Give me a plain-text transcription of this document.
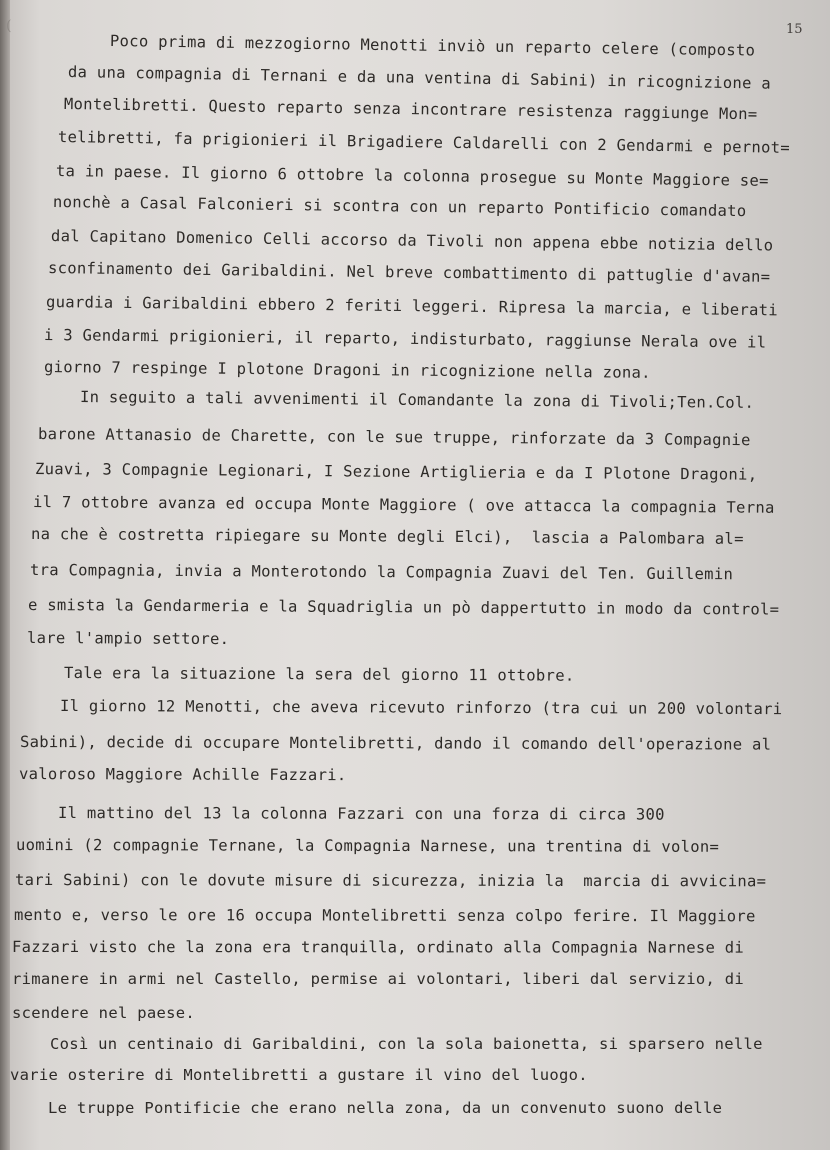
(	15
Poco prima di mezzogiorno Menotti inviò un reparto celere (composto
da una compagnia di Ternani e da una ventina di Sabini) in ricognizione a
Montelibretti. Questo reparto senza incontrare resistenza raggiunge Mon=
telibretti, fa prigionieri il Brigadiere Caldarelli con 2 Gendarmi e pernot=
ta in paese. Il giorno 6 ottobre la colonna prosegue su Monte Maggiore se=
nonchè a Casal Falconieri si scontra con un reparto Pontificio comandato
dal Capitano Domenico Celli accorso da Tivoli non appena ebbe notizia dello
sconfinamento dei Garibaldini. Nel breve combattimento di pattuglie d'avan=
guardia i Garibaldini ebbero 2 feriti leggeri. Ripresa la marcia, e liberati
i 3 Gendarmi prigionieri, il reparto, indisturbato, raggiunse Nerala ove il
giorno 7 respinge I plotone Dragoni in ricognizione nella zona.
In seguito a tali avvenimenti il Comandante la zona di Tivoli;Ten.Col.
barone Attanasio de Charette, con le sue truppe, rinforzate da 3 Compagnie
Zuavi, 3 Compagnie Legionari, I Sezione Artiglieria e da I Plotone Dragoni,
il 7 ottobre avanza ed occupa Monte Maggiore ( ove attacca la compagnia Terna
na che è costretta ripiegare su Monte degli Elci),  lascia a Palombara al=
tra Compagnia, invia a Monterotondo la Compagnia Zuavi del Ten. Guillemin
e smista la Gendarmeria e la Squadriglia un pò dappertutto in modo da control=
lare l'ampio settore.
Tale era la situazione la sera del giorno 11 ottobre.
Il giorno 12 Menotti, che aveva ricevuto rinforzo (tra cui un 200 volontari
Sabini), decide di occupare Montelibretti, dando il comando dell'operazione al
valoroso Maggiore Achille Fazzari.
Il mattino del 13 la colonna Fazzari con una forza di circa 300
uomini (2 compagnie Ternane, la Compagnia Narnese, una trentina di volon=
tari Sabini) con le dovute misure di sicurezza, inizia la  marcia di avvicina=
mento e, verso le ore 16 occupa Montelibretti senza colpo ferire. Il Maggiore
Fazzari visto che la zona era tranquilla, ordinato alla Compagnia Narnese di
rimanere in armi nel Castello, permise ai volontari, liberi dal servizio, di
scendere nel paese.
Così un centinaio di Garibaldini, con la sola baionetta, si sparsero nelle
varie osterire di Montelibretti a gustare il vino del luogo.
Le truppe Pontificie che erano nella zona, da un convenuto suono delle
